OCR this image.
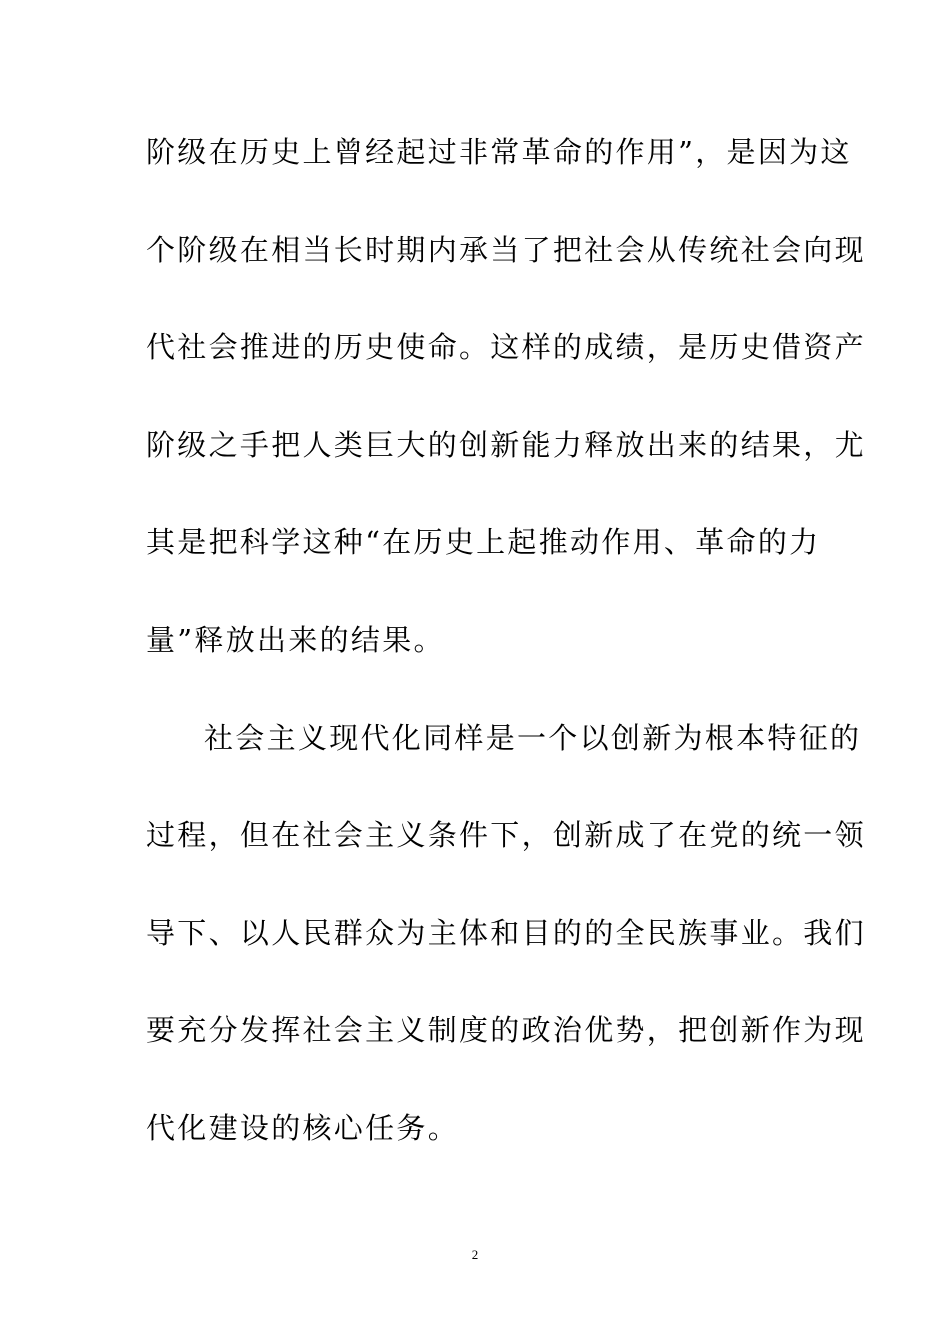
阶级在历史上曾经起过非常革命的作用”，是因为这
个阶级在相当长时期内承当了把社会从传统社会向现
代社会推进的历史使命。这样的成绩，是历史借资产
阶级之手把人类巨大的创新能力释放出来的结果，尤
其是把科学这种“在历史上起推动作用、革命的力
量”释放出来的结果。
社会主义现代化同样是一个以创新为根本特征的
过程，但在社会主义条件下，创新成了在党的统一领
导下、以人民群众为主体和目的的全民族事业。我们
要充分发挥社会主义制度的政治优势，把创新作为现
代化建设的核心任务。
2
